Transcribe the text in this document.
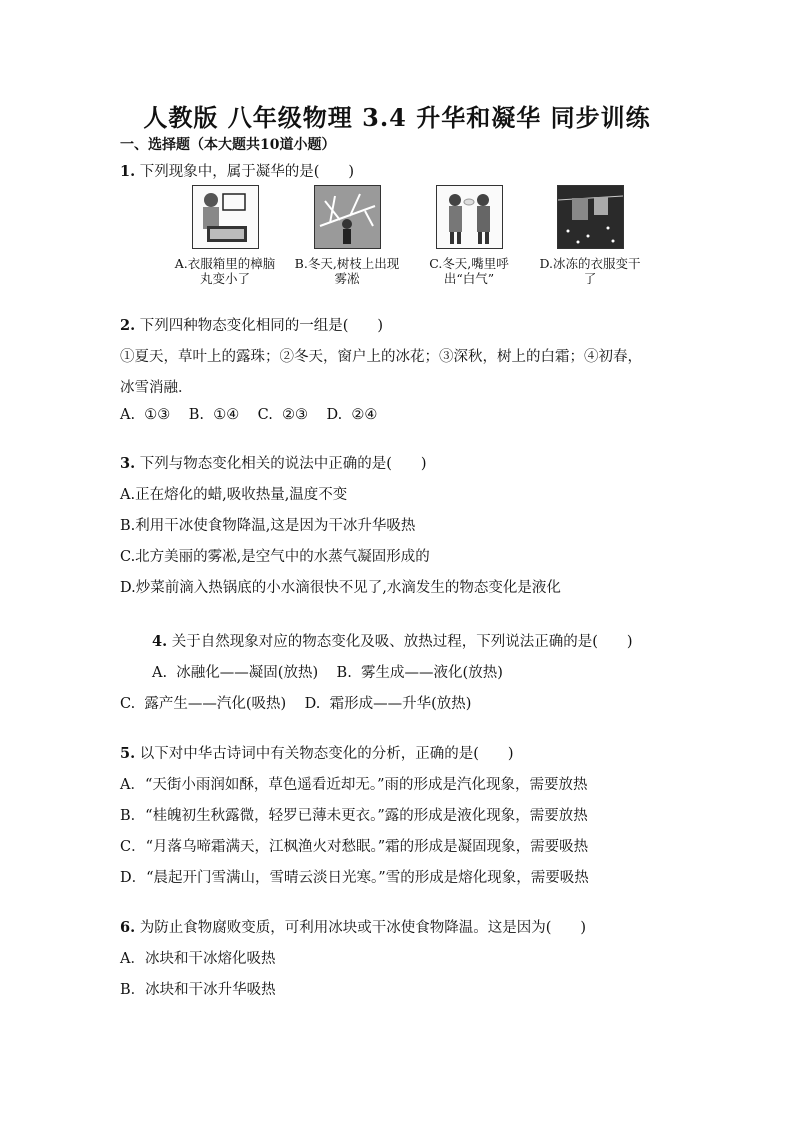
人教版 八年级物理 3.4 升华和凝华 同步训练
一、选择题（本大题共10道小题）
1. 下列现象中，属于凝华的是(　　)
A.衣服箱里的樟脑丸变小了
B.冬天,树枝上出现雾凇
C.冬天,嘴里呼出“白气”
D.冰冻的衣服变干了
2. 下列四种物态变化相同的一组是(　　)
①夏天，草叶上的露珠；②冬天，窗户上的冰花；③深秋，树上的白霜；④初春，
冰雪消融．
A.  ①③    B.  ①④    C.  ②③    D.  ②④
3. 下列与物态变化相关的说法中正确的是(　　)
A.正在熔化的蜡,吸收热量,温度不变
B.利用干冰使食物降温,这是因为干冰升华吸热
C.北方美丽的雾凇,是空气中的水蒸气凝固形成的
D.炒菜前滴入热锅底的小水滴很快不见了,水滴发生的物态变化是液化
4. 关于自然现象对应的物态变化及吸、放热过程，下列说法正确的是(　　)
A.  冰融化——凝固(放热)    B.  雾生成——液化(放热)
C.  露产生——汽化(吸热)    D.  霜形成——升华(放热)
5. 以下对中华古诗词中有关物态变化的分析，正确的是(　　)
A．“天街小雨润如酥，草色遥看近却无。”雨的形成是汽化现象，需要放热
B．“桂魄初生秋露微，轻罗已薄未更衣。”露的形成是液化现象，需要放热
C．“月落乌啼霜满天，江枫渔火对愁眠。”霜的形成是凝固现象，需要吸热
D．“晨起开门雪满山，雪晴云淡日光寒。”雪的形成是熔化现象，需要吸热
6. 为防止食物腐败变质，可利用冰块或干冰使食物降温。这是因为(　　)
A．冰块和干冰熔化吸热
B．冰块和干冰升华吸热
